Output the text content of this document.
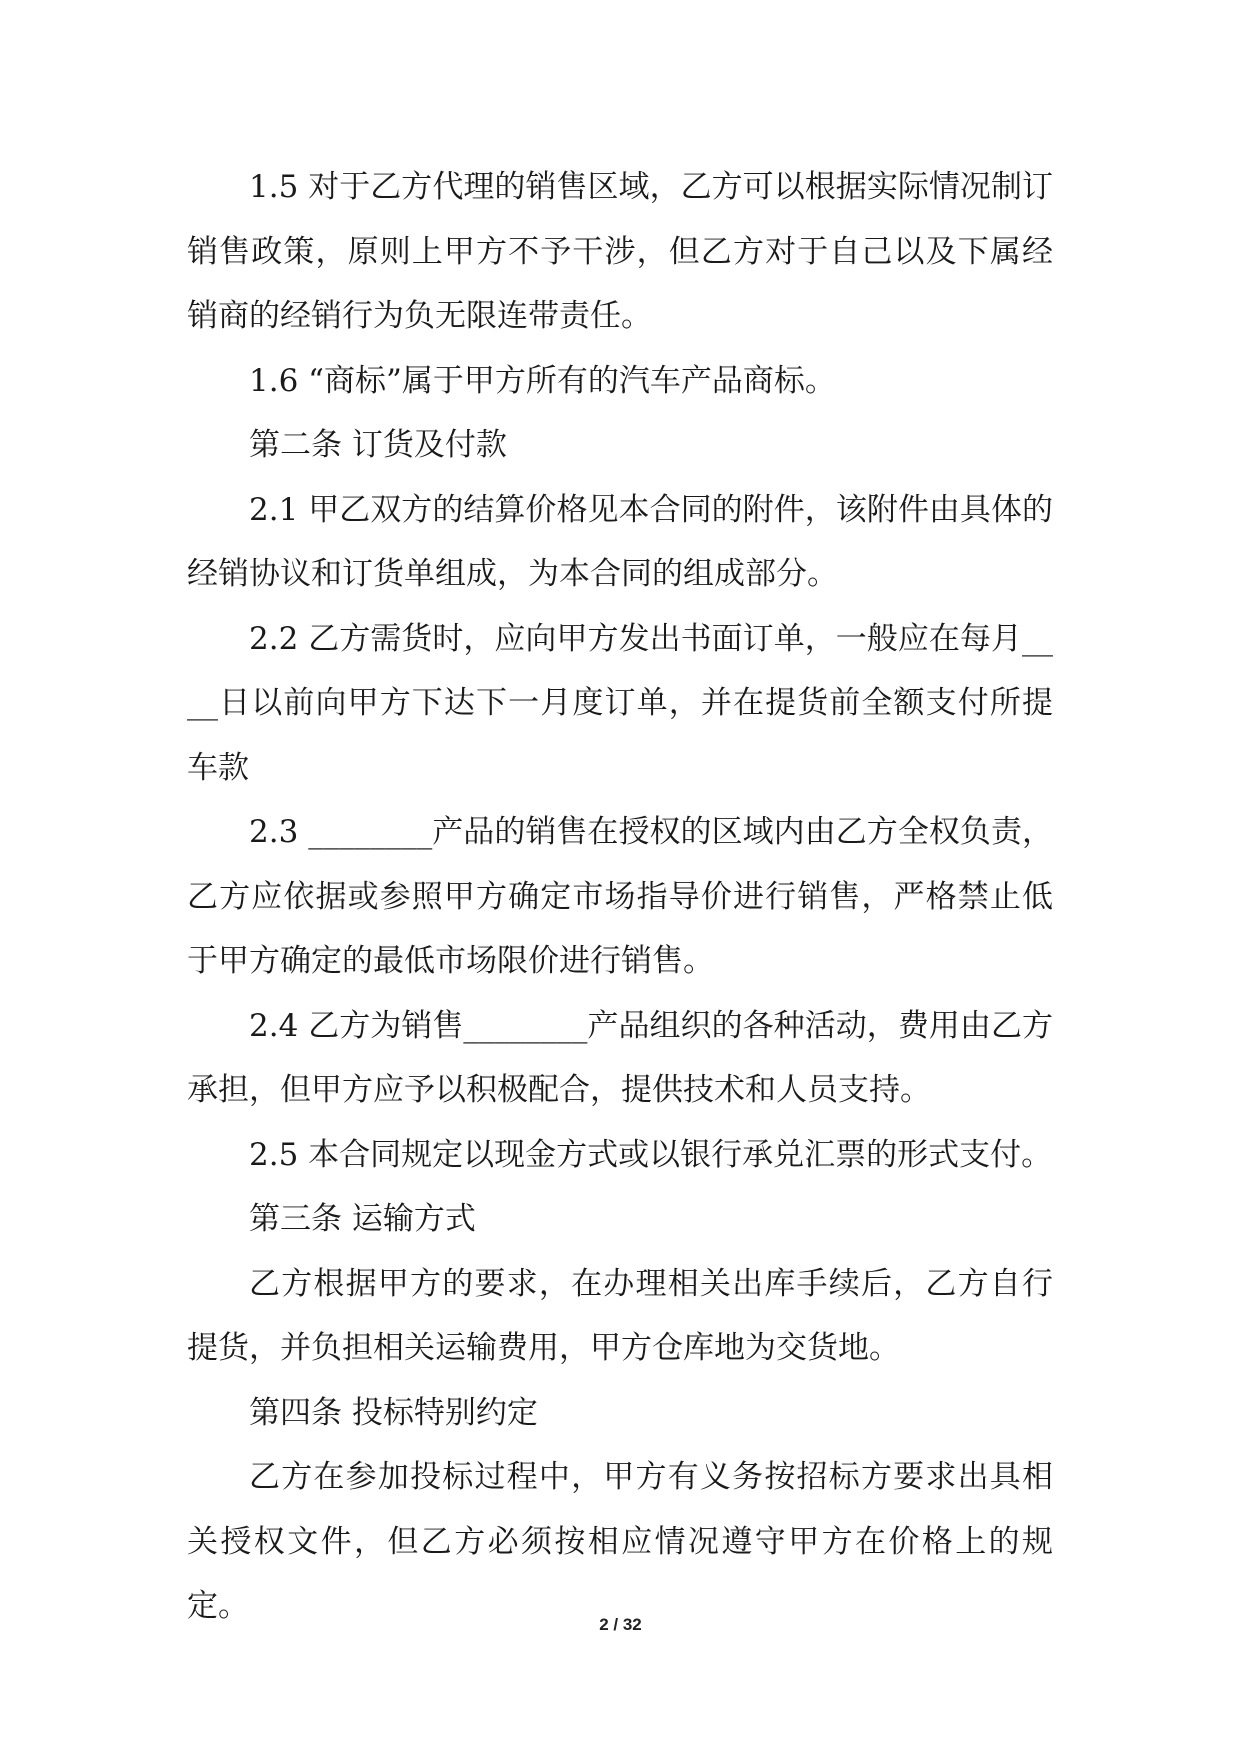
1.5 对于乙方代理的销售区域，乙方可以根据实际情况制订销售政策，原则上甲方不予干涉，但乙方对于自己以及下属经销商的经销行为负无限连带责任。

1.6 “商标”属于甲方所有的汽车产品商标。

第二条 订货及付款

2.1 甲乙双方的结算价格见本合同的附件，该附件由具体的经销协议和订货单组成，为本合同的组成部分。

2.2 乙方需货时，应向甲方发出书面订单，一般应在每月____日以前向甲方下达下一月度订单，并在提货前全额支付所提车款

2.3 ________产品的销售在授权的区域内由乙方全权负责，乙方应依据或参照甲方确定市场指导价进行销售，严格禁止低于甲方确定的最低市场限价进行销售。

2.4 乙方为销售________产品组织的各种活动，费用由乙方承担，但甲方应予以积极配合，提供技术和人员支持。

2.5 本合同规定以现金方式或以银行承兑汇票的形式支付。

第三条 运输方式

乙方根据甲方的要求，在办理相关出库手续后，乙方自行提货，并负担相关运输费用，甲方仓库地为交货地。

第四条 投标特别约定

乙方在参加投标过程中，甲方有义务按招标方要求出具相关授权文件，但乙方必须按相应情况遵守甲方在价格上的规定。

2 / 32
